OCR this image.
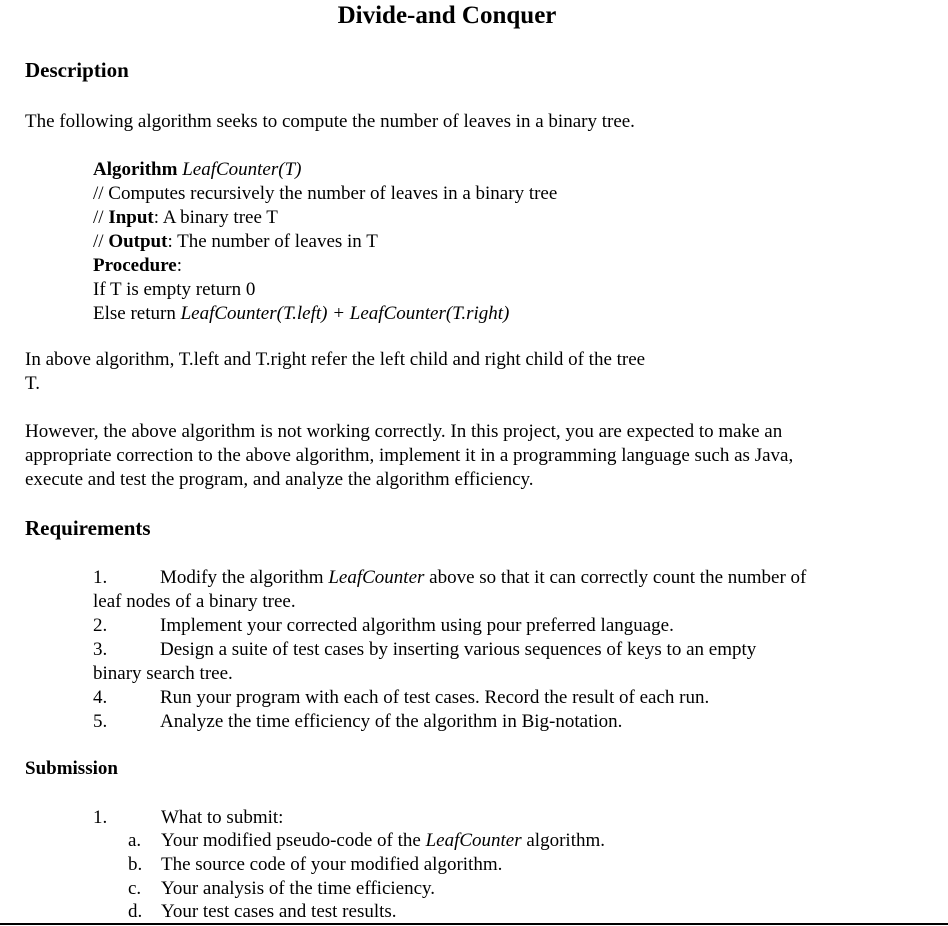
Divide-and Conquer
Description
The following algorithm seeks to compute the number of leaves in a binary tree.
Algorithm LeafCounter(T)
// Computes recursively the number of leaves in a binary tree
// Input: A binary tree T
// Output: The number of leaves in T
Procedure:
If T is empty return 0
Else return LeafCounter(T.left) + LeafCounter(T.right)
In above algorithm, T.left and T.right refer the left child and right child of the tree
T.
However, the above algorithm is not working correctly. In this project, you are expected to make an
appropriate correction to the above algorithm, implement it in a programming language such as Java,
execute and test the program, and analyze the algorithm efficiency.
Requirements
1.	Modify the algorithm LeafCounter above so that it can correctly count the number of
leaf nodes of a binary tree.
2.	Implement your corrected algorithm using pour preferred language.
3.	Design a suite of test cases by inserting various sequences of keys to an empty
binary search tree.
4.	Run your program with each of test cases. Record the result of each run.
5.	Analyze the time efficiency of the algorithm in Big-notation.
Submission
1.	What to submit:
a. Your modified pseudo-code of the LeafCounter algorithm.
b. The source code of your modified algorithm.
c. Your analysis of the time efficiency.
d. Your test cases and test results.
